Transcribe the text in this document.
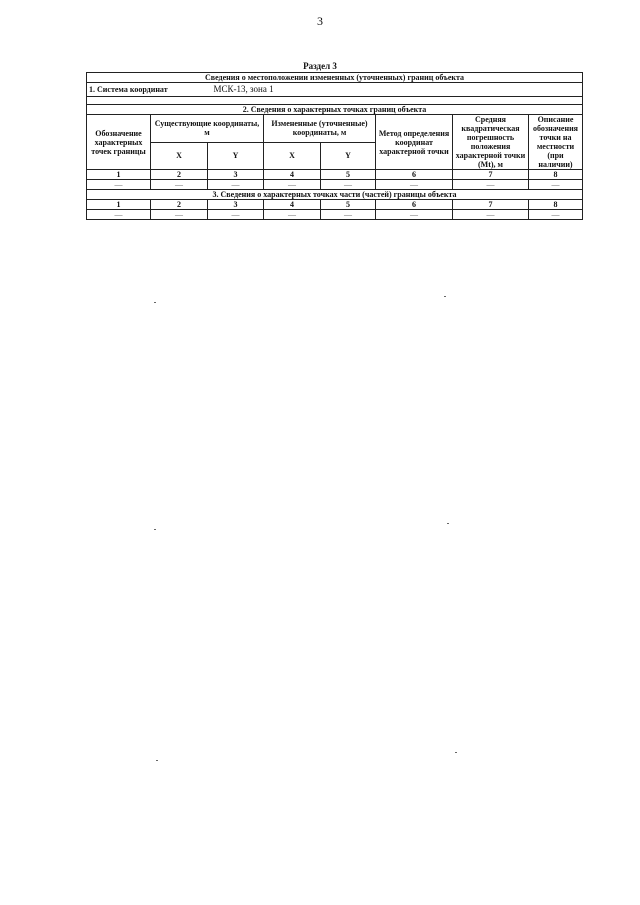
3
Раздел 3
Сведения о местоположении измененных (уточненных) границ объекта							
1. Система координат		МСК-13, зона 1					

2. Сведения о характерных точках границ объекта							
Обозначение характерных точек границы	Существующие координаты, м		Измененные (уточненные) координаты, м		Метод определения координат характерной точки	Средняя квадратическая погрешность положения характерной точки (Mt), м	Описание обозначения точки на местности (при наличии)
	X	Y	X	Y			
1	2	3	4	5	6	7	8
—	—	—	—	—	—	—	—
3. Сведения о характерных точках части (частей) границы объекта							
1	2	3	4	5	6	7	8
—	—	—	—	—	—	—	—
